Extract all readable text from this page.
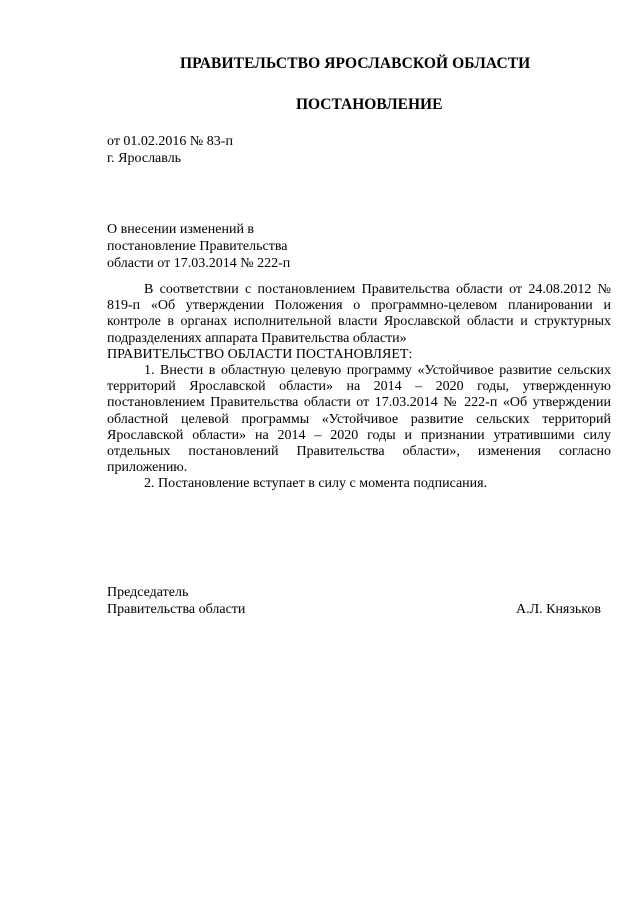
ПРАВИТЕЛЬСТВО ЯРОСЛАВСКОЙ ОБЛАСТИ
ПОСТАНОВЛЕНИЕ
от 01.02.2016 № 83-п
г. Ярославль
О внесении изменений в
постановление Правительства
области от 17.03.2014 № 222-п

В соответствии с постановлением Правительства области от 24.08.2012 № 819-п «Об утверждении Положения о программно-целевом планировании и контроле в органах исполнительной власти Ярославской области и структурных подразделениях аппарата Правительства области»

ПРАВИТЕЛЬСТВО ОБЛАСТИ ПОСТАНОВЛЯЕТ:

1. Внести в областную целевую программу «Устойчивое развитие сельских территорий Ярославской области» на 2014 – 2020 годы, утвержденную постановлением Правительства области от 17.03.2014 № 222-п «Об утверждении областной целевой программы «Устойчивое развитие сельских территорий Ярославской области» на 2014 – 2020 годы и признании утратившими силу отдельных постановлений Правительства области», изменения согласно приложению.

2. Постановление вступает в силу с момента подписания.

Председатель
Правительства области	А.Л. Князьков
